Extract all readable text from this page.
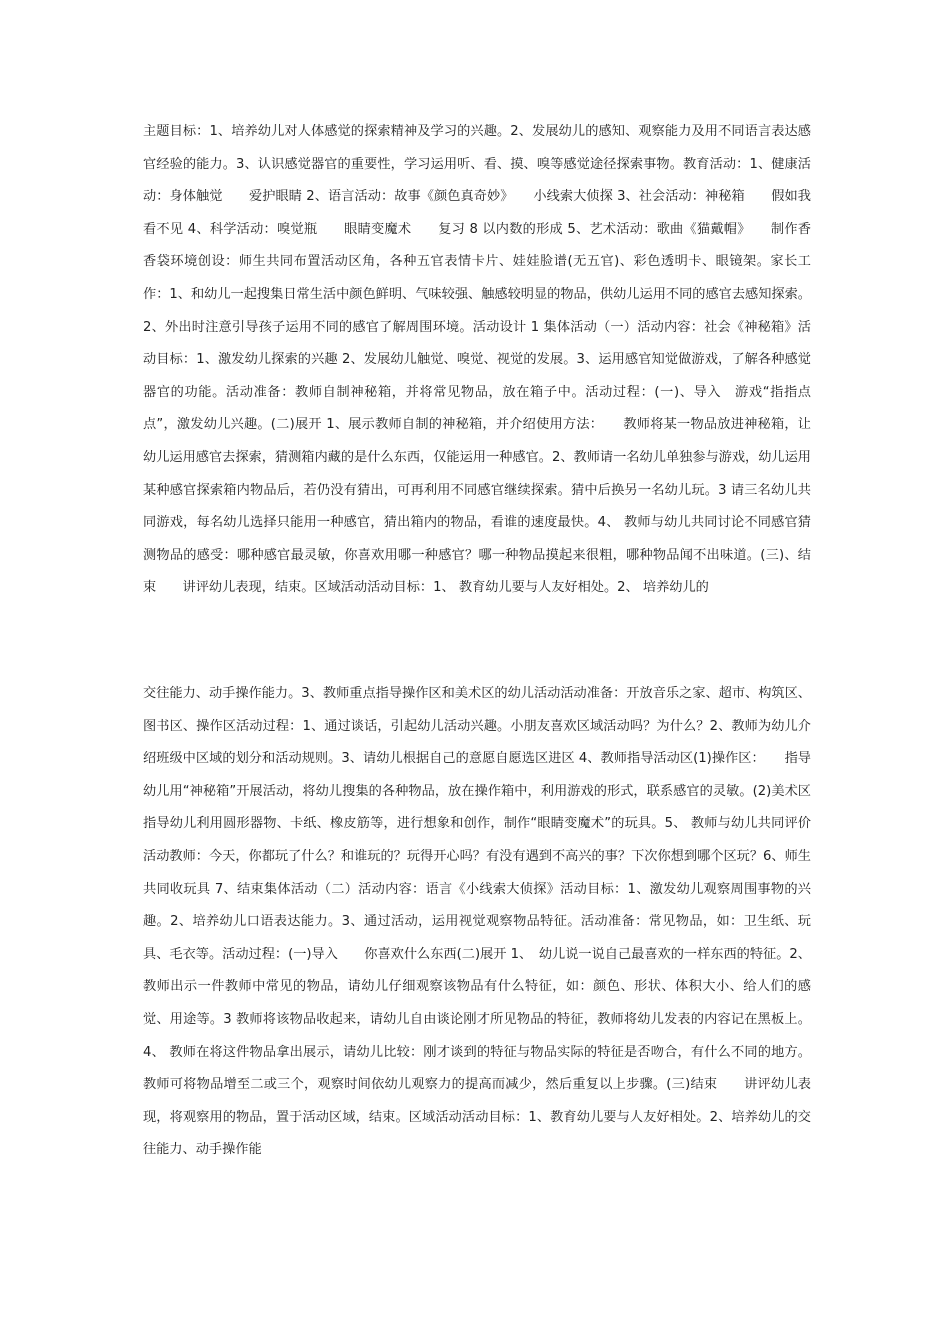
主题目标：1、培养幼儿对人体感觉的探索精神及学习的兴趣。2、发展幼儿的感知、观察能力及用不同语言表达感官经验的能力。3、认识感觉器官的重要性，学习运用听、看、摸、嗅等感觉途径探索事物。教育活动：1、健康活动：身体触觉　　爱护眼睛 2、语言活动：故事《颜色真奇妙》　　小线索大侦探 3、社会活动：神秘箱　　假如我看不见 4、科学活动：嗅觉瓶　　眼睛变魔术　　复习 8 以内数的形成 5、艺术活动：歌曲《猫戴帽》　　制作香香袋环境创设：师生共同布置活动区角，各种五官表情卡片、娃娃脸谱(无五官)、彩色透明卡、眼镜架。家长工作：1、和幼儿一起搜集日常生活中颜色鲜明、气味较强、触感较明显的物品，供幼儿运用不同的感官去感知探索。2、外出时注意引导孩子运用不同的感官了解周围环境。活动设计 1 集体活动（一）活动内容：社会《神秘箱》活动目标：1、激发幼儿探索的兴趣 2、发展幼儿触觉、嗅觉、视觉的发展。3、运用感官知觉做游戏，了解各种感觉器官的功能。活动准备：教师自制神秘箱，并将常见物品，放在箱子中。活动过程：(一)、导入　游戏“指指点点”，激发幼儿兴趣。(二)展开 1、展示教师自制的神秘箱，并介绍使用方法：　　教师将某一物品放进神秘箱，让幼儿运用感官去探索，猜测箱内藏的是什么东西，仅能运用一种感官。2、教师请一名幼儿单独参与游戏，幼儿运用某种感官探索箱内物品后，若仍没有猜出，可再利用不同感官继续探索。猜中后换另一名幼儿玩。3 请三名幼儿共同游戏，每名幼儿选择只能用一种感官，猜出箱内的物品，看谁的速度最快。4、 教师与幼儿共同讨论不同感官猜测物品的感受：哪种感官最灵敏，你喜欢用哪一种感官？哪一种物品摸起来很粗，哪种物品闻不出味道。(三)、结束　　讲评幼儿表现，结束。区域活动活动目标：1、 教育幼儿要与人友好相处。2、 培养幼儿的
交往能力、动手操作能力。3、教师重点指导操作区和美术区的幼儿活动活动准备：开放音乐之家、超市、构筑区、图书区、操作区活动过程：1、通过谈话，引起幼儿活动兴趣。小朋友喜欢区域活动吗？为什么？2、教师为幼儿介绍班级中区域的划分和活动规则。3、请幼儿根据自己的意愿自愿选区进区 4、教师指导活动区(1)操作区：　　指导幼儿用“神秘箱”开展活动，将幼儿搜集的各种物品，放在操作箱中，利用游戏的形式，联系感官的灵敏。(2)美术区　　指导幼儿利用圆形器物、卡纸、橡皮筋等，进行想象和创作，制作“眼睛变魔术”的玩具。5、 教师与幼儿共同评价活动教师：今天，你都玩了什么？和谁玩的？玩得开心吗？有没有遇到不高兴的事？下次你想到哪个区玩？6、师生共同收玩具 7、结束集体活动（二）活动内容：语言《小线索大侦探》活动目标：1、激发幼儿观察周围事物的兴趣。2、培养幼儿口语表达能力。3、通过活动，运用视觉观察物品特征。活动准备：常见物品，如：卫生纸、玩具、毛衣等。活动过程：(一)导入　　你喜欢什么东西(二)展开 1、　幼儿说一说自己最喜欢的一样东西的特征。2、教师出示一件教师中常见的物品，请幼儿仔细观察该物品有什么特征，如：颜色、形状、体积大小、给人们的感觉、用途等。3 教师将该物品收起来，请幼儿自由谈论刚才所见物品的特征，教师将幼儿发表的内容记在黑板上。4、 教师在将这件物品拿出展示，请幼儿比较：刚才谈到的特征与物品实际的特征是否吻合，有什么不同的地方。教师可将物品增至二或三个，观察时间依幼儿观察力的提高而减少，然后重复以上步骤。(三)结束　　讲评幼儿表现，将观察用的物品，置于活动区域，结束。区域活动活动目标：1、教育幼儿要与人友好相处。2、培养幼儿的交往能力、动手操作能
